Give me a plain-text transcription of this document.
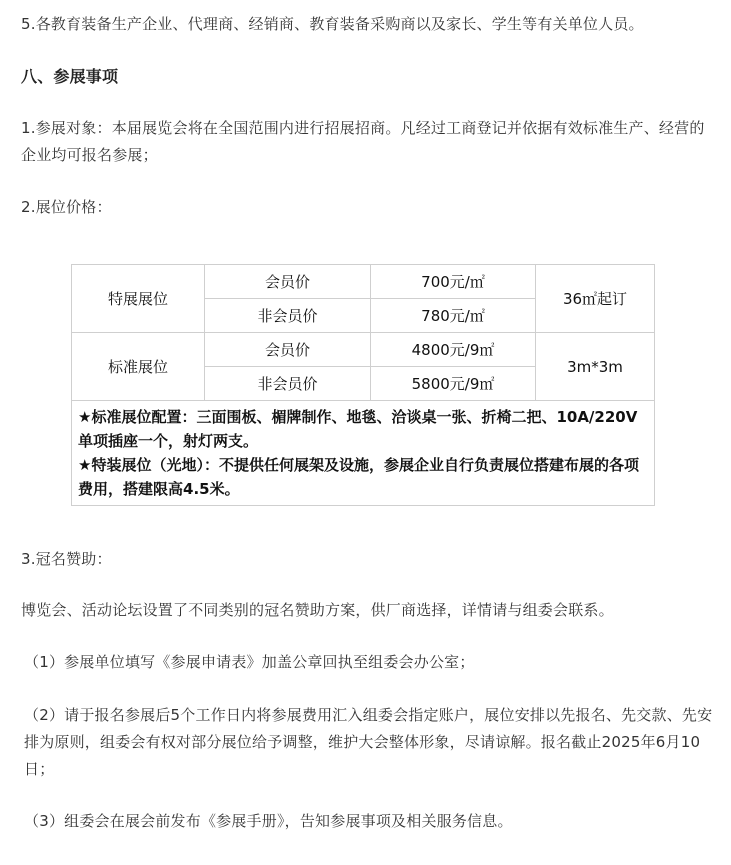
5.各教育装备生产企业、代理商、经销商、教育装备采购商以及家长、学生等有关单位人员。

八、参展事项

1.参展对象：本届展览会将在全国范围内进行招展招商。凡经过工商登记并依据有效标准生产、经营的企业均可报名参展；

2.展位价格：

特展展位	会员价	700元/㎡	36㎡起订
	非会员价	780元/㎡	
标准展位	会员价	4800元/9㎡	3m*3m
	非会员价	5800元/9㎡	

★标准展位配置：三面围板、楣牌制作、地毯、洽谈桌一张、折椅二把、10A/220V单项插座一个，射灯两支。
★特装展位（光地）：不提供任何展架及设施，参展企业自行负责展位搭建布展的各项费用，搭建限高4.5米。			

3.冠名赞助：

博览会、活动论坛设置了不同类别的冠名赞助方案，供厂商选择，详情请与组委会联系。

（1）参展单位填写《参展申请表》加盖公章回执至组委会办公室；

（2）请于报名参展后5个工作日内将参展费用汇入组委会指定账户，展位安排以先报名、先交款、先安排为原则，组委会有权对部分展位给予调整，维护大会整体形象，尽请谅解。报名截止2025年6月10日；

（3）组委会在展会前发布《参展手册》，告知参展事项及相关服务信息。
